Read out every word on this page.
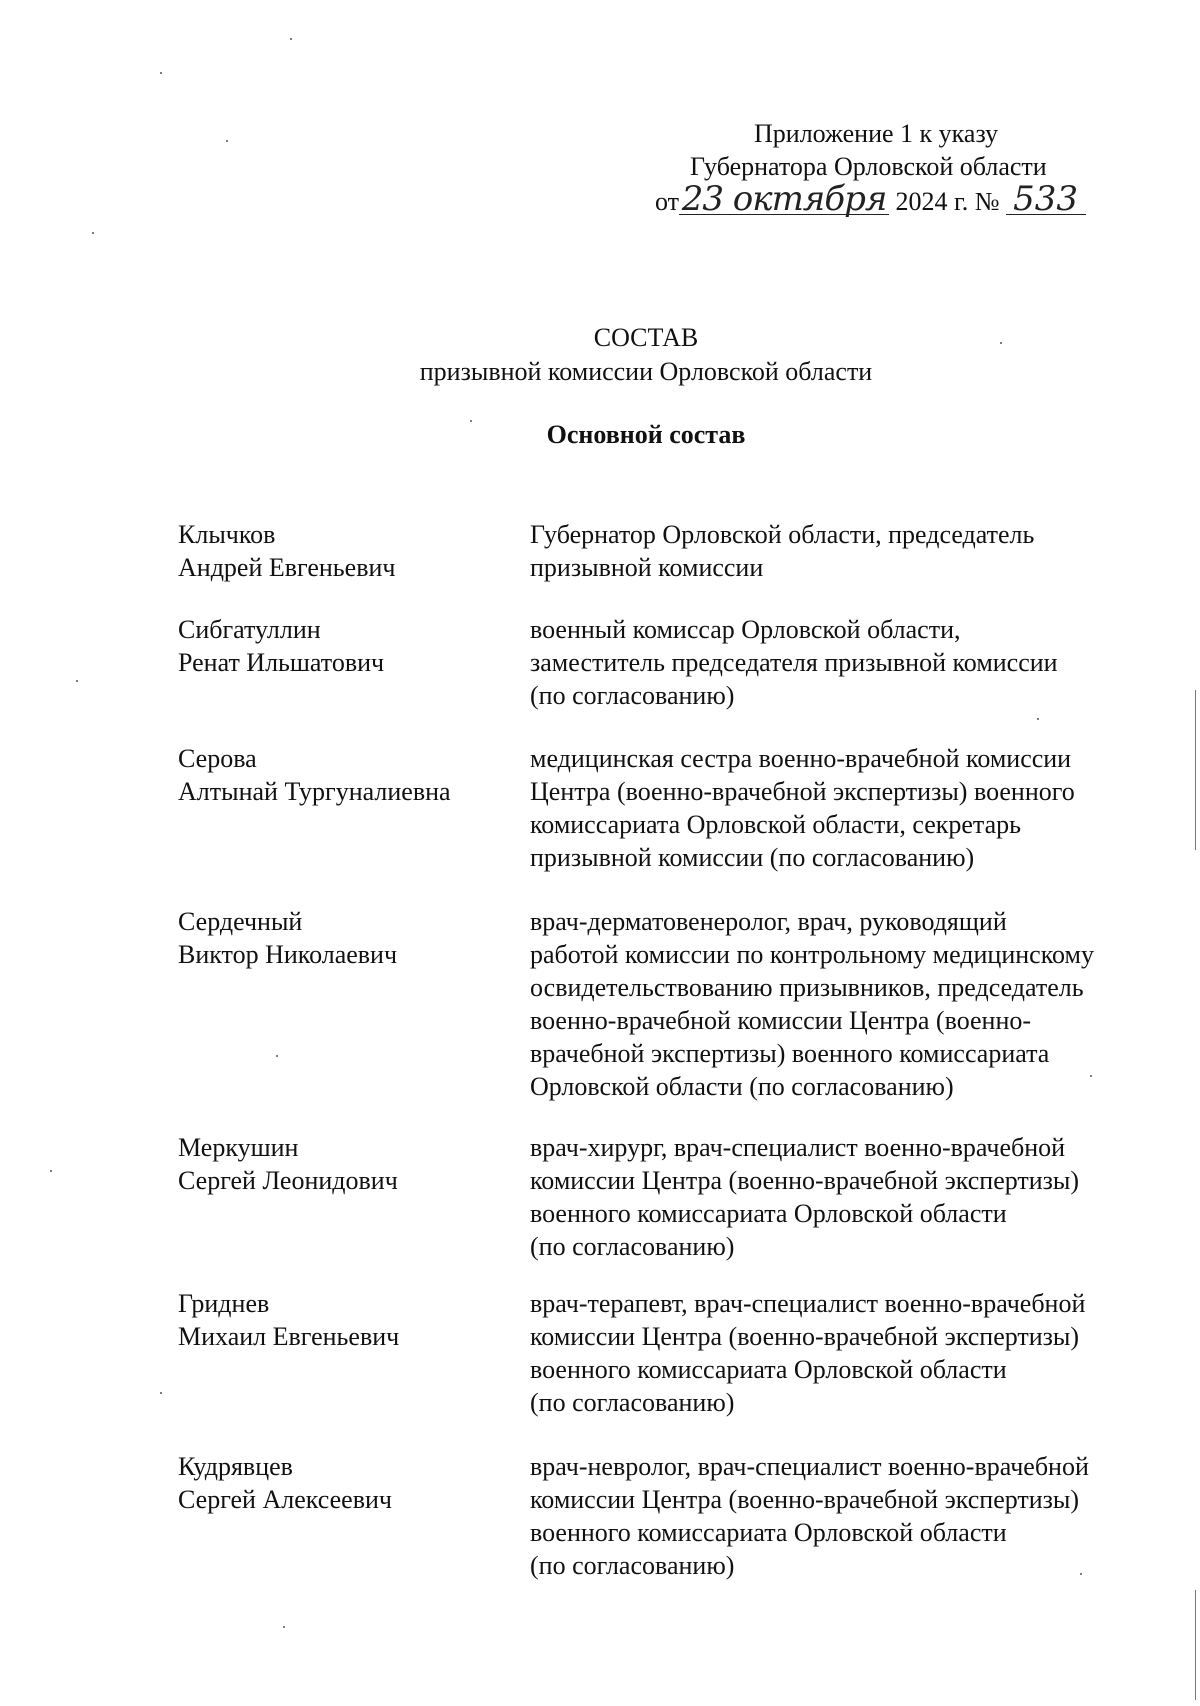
Приложение 1 к указу
Губернатора Орловской области
от23 октября 2024 г. № 533
СОСТАВ
призывной комиссии Орловской области
Основной состав
Клычков
Андрей Евгеньевич
Губернатор Орловской области, председатель
призывной комиссии
Сибгатуллин
Ренат Ильшатович
военный комиссар Орловской области,
заместитель председателя призывной комиссии
(по согласованию)
Серова
Алтынай Тургуналиевна
медицинская сестра военно-врачебной комиссии
Центра (военно-врачебной экспертизы) военного
комиссариата Орловской области, секретарь
призывной комиссии (по согласованию)
Сердечный
Виктор Николаевич
врач-дерматовенеролог, врач, руководящий
работой комиссии по контрольному медицинскому
освидетельствованию призывников, председатель
военно-врачебной комиссии Центра (военно-
врачебной экспертизы) военного комиссариата
Орловской области (по согласованию)
Меркушин
Сергей Леонидович
врач-хирург, врач-специалист военно-врачебной
комиссии Центра (военно-врачебной экспертизы)
военного комиссариата Орловской области
(по согласованию)
Гриднев
Михаил Евгеньевич
врач-терапевт, врач-специалист военно-врачебной
комиссии Центра (военно-врачебной экспертизы)
военного комиссариата Орловской области
(по согласованию)
Кудрявцев
Сергей Алексеевич
врач-невролог, врач-специалист военно-врачебной
комиссии Центра (военно-врачебной экспертизы)
военного комиссариата Орловской области
(по согласованию)
